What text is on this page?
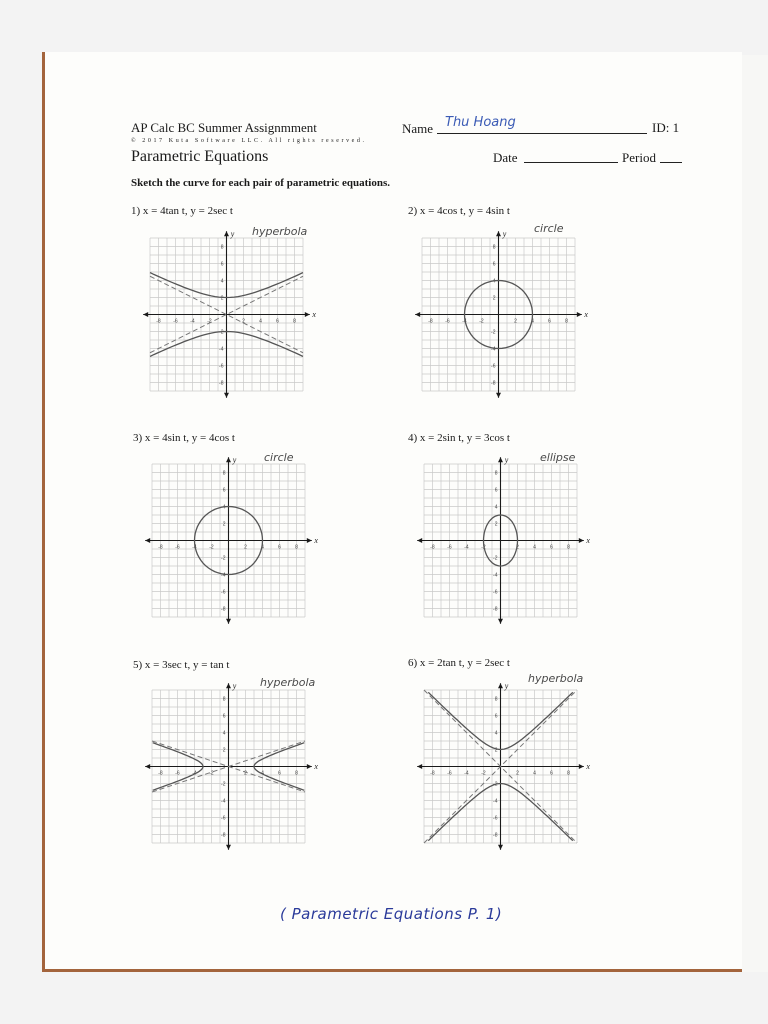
AP Calc BC Summer Assignmment
© 2017 Kuta Software LLC. All rights reserved.
Parametric Equations
Name Thu Hoang	ID: 1
Date	Period
Sketch the curve for each pair of parametric equations.
1) x = 4tan t, y = 2sec t
hyperbola
x
y
-8
-8
-6
-6
-4
-4
-2
-2
2
2
4
4
6
6
8
8
2) x = 4cos t, y = 4sin t
circle
x
y
-8
-8
-6
-6
-4
-4
-2
-2
2
2
4
4
6
6
8
8
3) x = 4sin t, y = 4cos t
circle
x
y
-8
-8
-6
-6
-4
-4
-2
-2
2
2
4
4
6
6
8
8
4) x = 2sin t, y = 3cos t
ellipse
x
y
-8
-8
-6
-6
-4
-4
-2
-2
2
2
4
4
6
6
8
8
5) x = 3sec t, y = tan t
hyperbola
x
y
-8
-8
-6
-6
-4
-4
-2
-2
2
2
4
4
6
6
8
8
6) x = 2tan t, y = 2sec t
hyperbola
x
y
-8
-8
-6
-6
-4
-4
-2
-2
2
2
4
4
6
6
8
8
( Parametric Equations P. 1)
